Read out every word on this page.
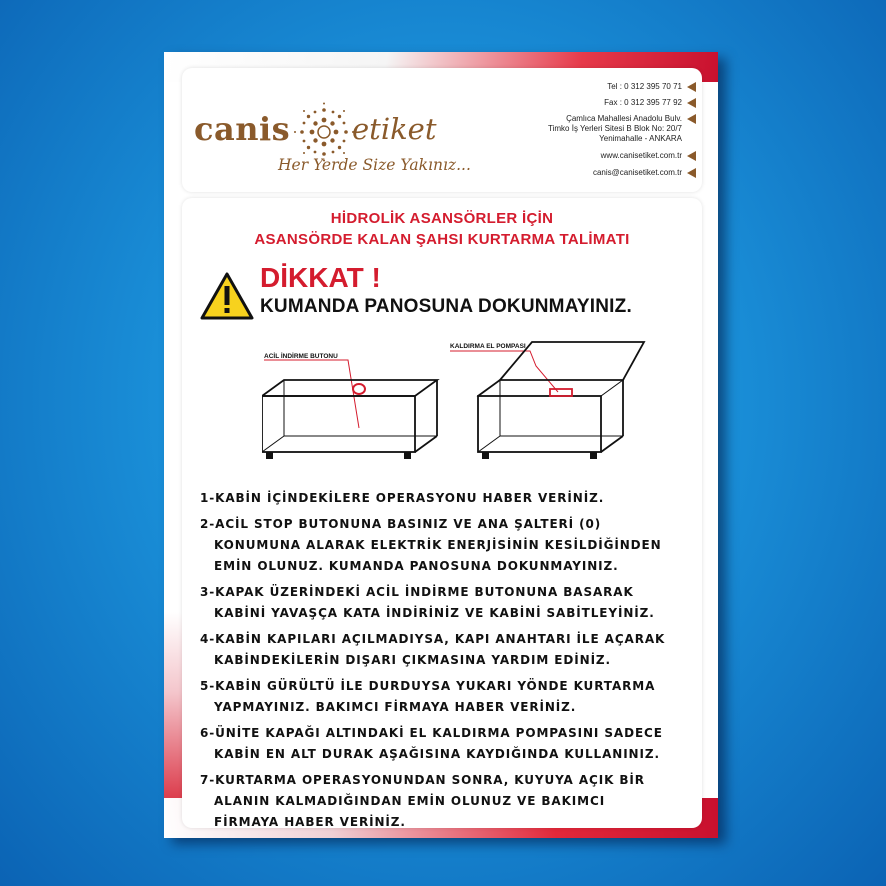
canis etiket
Her Yerde Size Yakınız...
Tel : 0 312 395 70 71
Fax : 0 312 395 77 92
Çamlıca Mahallesi Anadolu Bulv.
Timko İş Yerleri Sitesi B Blok No: 20/7
Yenimahalle - ANKARA
www.canisetiket.com.tr
canis@canisetiket.com.tr
HİDROLİK ASANSÖRLER İÇİN
ASANSÖRDE KALAN ŞAHSI KURTARMA TALİMATI
DİKKAT !
KUMANDA PANOSUNA DOKUNMAYINIZ.
ACİL İNDİRME BUTONU
KALDIRMA EL POMPASI
1-KABİN İÇİNDEKİLERE OPERASYONU HABER VERİNİZ.
2-ACİL STOP BUTONUNA BASINIZ VE ANA ŞALTERİ (0)
KONUMUNA ALARAK ELEKTRİK ENERJİSİNİN KESİLDİĞİNDEN
EMİN OLUNUZ. KUMANDA PANOSUNA DOKUNMAYINIZ.
3-KAPAK ÜZERİNDEKİ ACİL İNDİRME BUTONUNA BASARAK
KABİNİ YAVAŞÇA KATA İNDİRİNİZ VE KABİNİ SABİTLEYİNİZ.
4-KABİN KAPILARI AÇILMADIYSA, KAPI ANAHTARI İLE AÇARAK
KABİNDEKİLERİN DIŞARI ÇIKMASINA YARDIM EDİNİZ.
5-KABİN GÜRÜLTÜ İLE DURDUYSA YUKARI YÖNDE KURTARMA
YAPMAYINIZ. BAKIMCI FİRMAYA HABER VERİNİZ.
6-ÜNİTE KAPAĞI ALTINDAKİ EL KALDIRMA POMPASINI SADECE
KABİN EN ALT DURAK AŞAĞISINA KAYDIĞINDA KULLANINIZ.
7-KURTARMA OPERASYONUNDAN SONRA, KUYUYA AÇIK BİR
ALANIN KALMADIĞINDAN EMİN OLUNUZ VE BAKIMCI
FİRMAYA HABER VERİNİZ.
